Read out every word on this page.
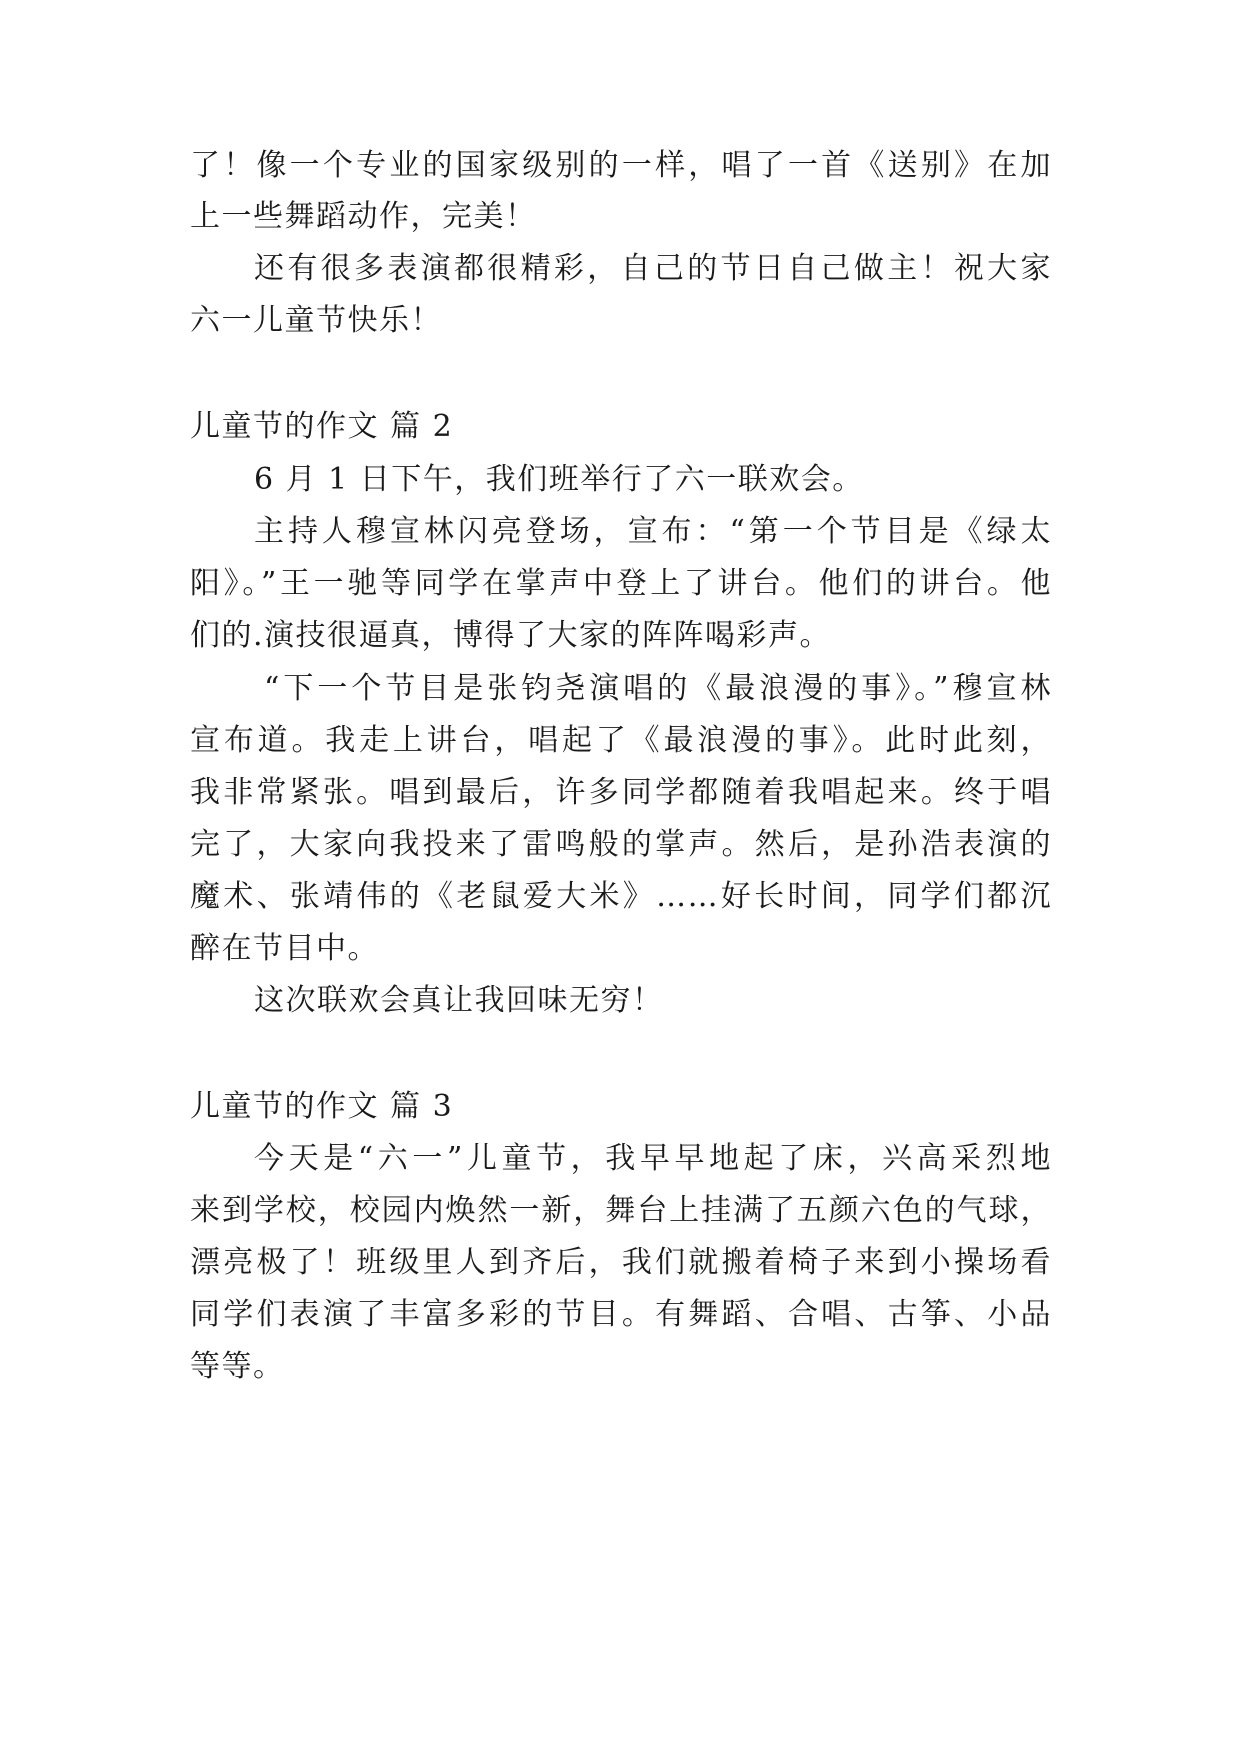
了！像一个专业的国家级别的一样，唱了一首《送别》在加
上一些舞蹈动作，完美！
还有很多表演都很精彩，自己的节日自己做主！祝大家
六一儿童节快乐！
儿童节的作文 篇 2
6 月 1 日下午，我们班举行了六一联欢会。
主持人穆宣林闪亮登场，宣布：“第一个节目是《绿太
阳》。”王一驰等同学在掌声中登上了讲台。他们的讲台。他
们的.演技很逼真，博得了大家的阵阵喝彩声。
“下一个节目是张钧尧演唱的《最浪漫的事》。”穆宣林
宣布道。我走上讲台，唱起了《最浪漫的事》。此时此刻，
我非常紧张。唱到最后，许多同学都随着我唱起来。终于唱
完了，大家向我投来了雷鸣般的掌声。然后，是孙浩表演的
魔术、张靖伟的《老鼠爱大米》……好长时间，同学们都沉
醉在节目中。
这次联欢会真让我回味无穷！
儿童节的作文 篇 3
今天是“六一”儿童节，我早早地起了床，兴高采烈地
来到学校，校园内焕然一新，舞台上挂满了五颜六色的气球，
漂亮极了！班级里人到齐后，我们就搬着椅子来到小操场看
同学们表演了丰富多彩的节目。有舞蹈、合唱、古筝、小品
等等。
